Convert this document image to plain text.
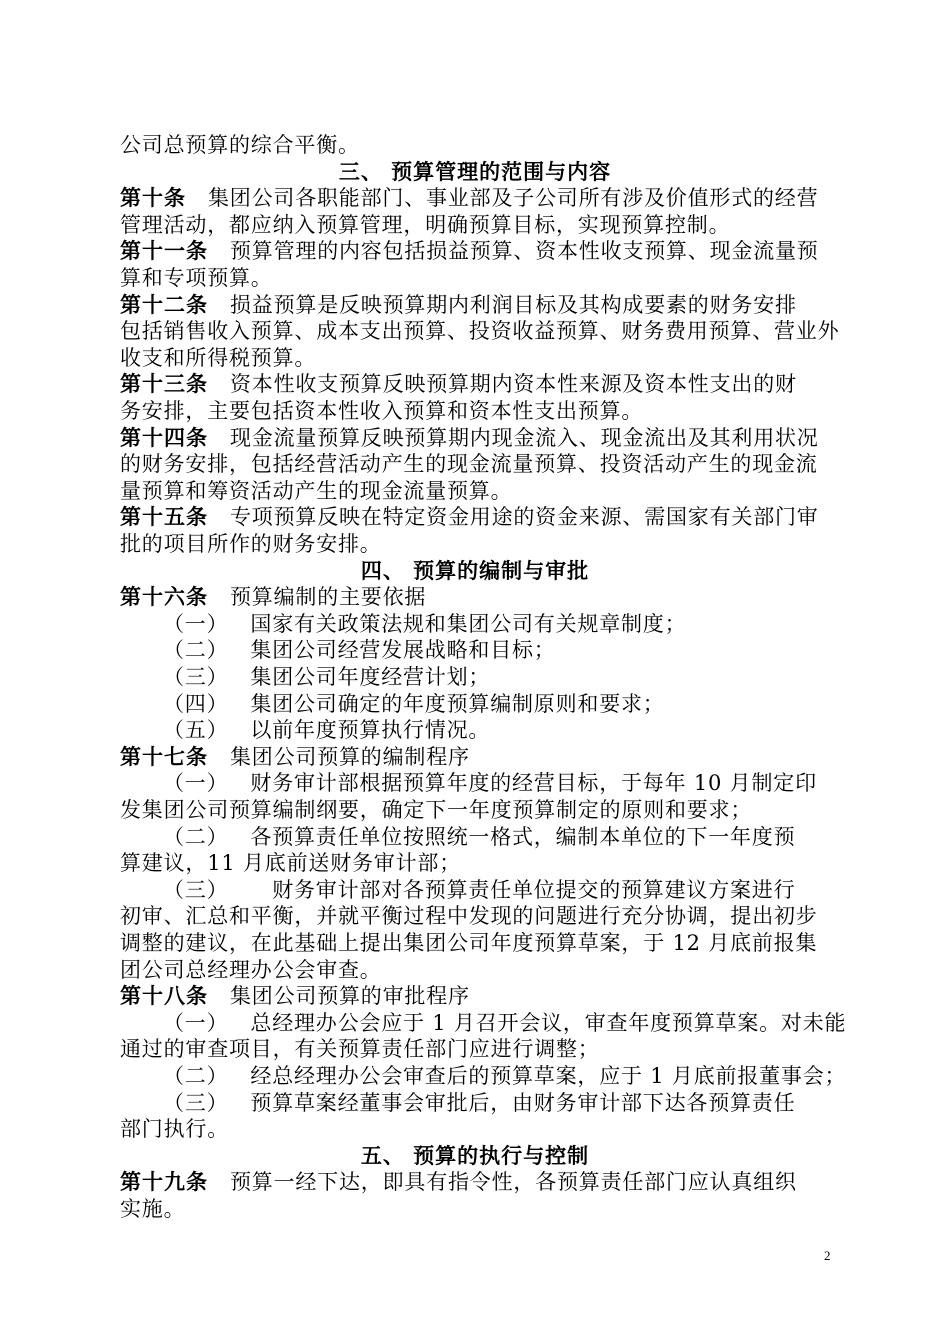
公司总预算的综合平衡。
三、 预算管理的范围与内容
第十条 集团公司各职能部门、事业部及子公司所有涉及价值形式的经营
管理活动，都应纳入预算管理，明确预算目标，实现预算控制。
第十一条 预算管理的内容包括损益预算、资本性收支预算、现金流量预
算和专项预算。
第十二条 损益预算是反映预算期内利润目标及其构成要素的财务安排
包括销售收入预算、成本支出预算、投资收益预算、财务费用预算、营业外
收支和所得税预算。
第十三条 资本性收支预算反映预算期内资本性来源及资本性支出的财
务安排，主要包括资本性收入预算和资本性支出预算。
第十四条 现金流量预算反映预算期内现金流入、现金流出及其利用状况
的财务安排，包括经营活动产生的现金流量预算、投资活动产生的现金流
量预算和筹资活动产生的现金流量预算。
第十五条 专项预算反映在特定资金用途的资金来源、需国家有关部门审
批的项目所作的财务安排。
四、 预算的编制与审批
第十六条 预算编制的主要依据
（一） 国家有关政策法规和集团公司有关规章制度；
（二） 集团公司经营发展战略和目标；
（三） 集团公司年度经营计划；
（四） 集团公司确定的年度预算编制原则和要求；
（五） 以前年度预算执行情况。
第十七条 集团公司预算的编制程序
（一） 财务审计部根据预算年度的经营目标，于每年 10 月制定印
发集团公司预算编制纲要，确定下一年度预算制定的原则和要求；
（二） 各预算责任单位按照统一格式，编制本单位的下一年度预
算建议，11 月底前送财务审计部；
（三）　财务审计部对各预算责任单位提交的预算建议方案进行
初审、汇总和平衡，并就平衡过程中发现的问题进行充分协调，提出初步
调整的建议，在此基础上提出集团公司年度预算草案，于 12 月底前报集
团公司总经理办公会审查。
第十八条 集团公司预算的审批程序
（一） 总经理办公会应于 1 月召开会议，审查年度预算草案。对未能
通过的审查项目，有关预算责任部门应进行调整；
（二） 经总经理办公会审查后的预算草案，应于 1 月底前报董事会；
（三） 预算草案经董事会审批后，由财务审计部下达各预算责任
部门执行。
五、 预算的执行与控制
第十九条 预算一经下达，即具有指令性，各预算责任部门应认真组织
实施。
2
